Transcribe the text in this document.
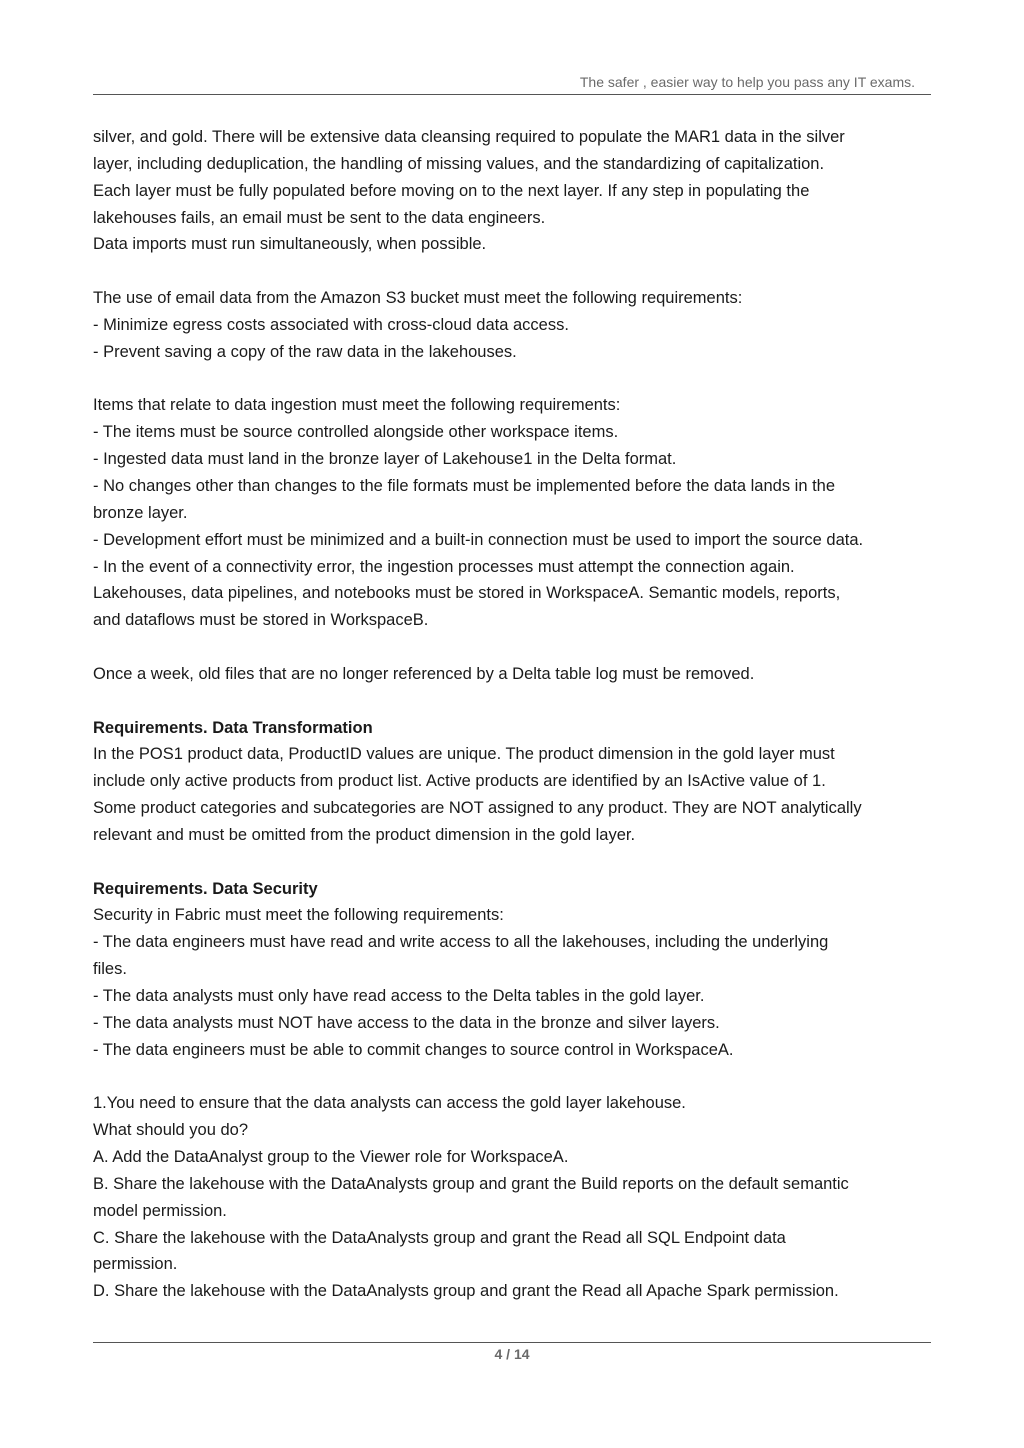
The safer , easier way to help you pass any IT exams.
silver, and gold. There will be extensive data cleansing required to populate the MAR1 data in the silver
layer, including deduplication, the handling of missing values, and the standardizing of capitalization.
Each layer must be fully populated before moving on to the next layer. If any step in populating the
lakehouses fails, an email must be sent to the data engineers.
Data imports must run simultaneously, when possible.
The use of email data from the Amazon S3 bucket must meet the following requirements:
- Minimize egress costs associated with cross-cloud data access.
- Prevent saving a copy of the raw data in the lakehouses.
Items that relate to data ingestion must meet the following requirements:
- The items must be source controlled alongside other workspace items.
- Ingested data must land in the bronze layer of Lakehouse1 in the Delta format.
- No changes other than changes to the file formats must be implemented before the data lands in the
bronze layer.
- Development effort must be minimized and a built-in connection must be used to import the source data.
- In the event of a connectivity error, the ingestion processes must attempt the connection again.
Lakehouses, data pipelines, and notebooks must be stored in WorkspaceA. Semantic models, reports,
and dataflows must be stored in WorkspaceB.
Once a week, old files that are no longer referenced by a Delta table log must be removed.
Requirements. Data Transformation
In the POS1 product data, ProductID values are unique. The product dimension in the gold layer must
include only active products from product list. Active products are identified by an IsActive value of 1.
Some product categories and subcategories are NOT assigned to any product. They are NOT analytically
relevant and must be omitted from the product dimension in the gold layer.
Requirements. Data Security
Security in Fabric must meet the following requirements:
- The data engineers must have read and write access to all the lakehouses, including the underlying
files.
- The data analysts must only have read access to the Delta tables in the gold layer.
- The data analysts must NOT have access to the data in the bronze and silver layers.
- The data engineers must be able to commit changes to source control in WorkspaceA.
1.You need to ensure that the data analysts can access the gold layer lakehouse.
What should you do?
A. Add the DataAnalyst group to the Viewer role for WorkspaceA.
B. Share the lakehouse with the DataAnalysts group and grant the Build reports on the default semantic
model permission.
C. Share the lakehouse with the DataAnalysts group and grant the Read all SQL Endpoint data
permission.
D. Share the lakehouse with the DataAnalysts group and grant the Read all Apache Spark permission.
4 / 14
